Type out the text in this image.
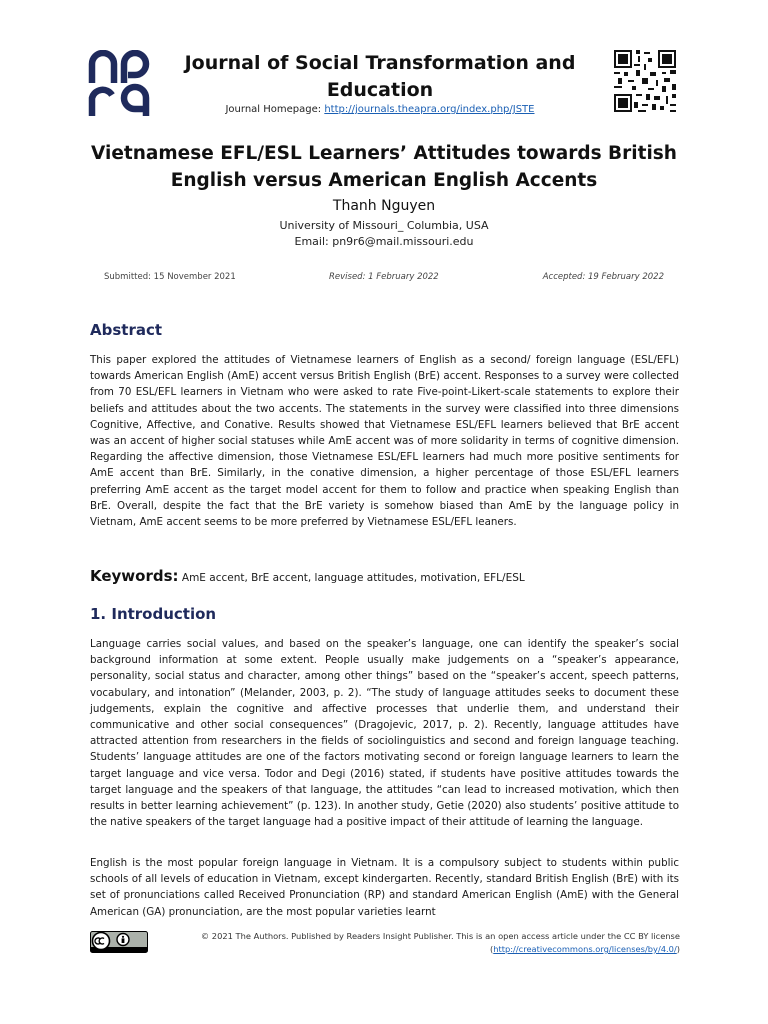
Journal of Social Transformation and Education
Journal Homepage: http://journals.theapra.org/index.php/JSTE
Vietnamese EFL/ESL Learners’ Attitudes towards British English versus American English Accents
Thanh Nguyen
University of Missouri_ Columbia, USA
Email: pn9r6@mail.missouri.edu
Submitted: 15 November 2021	Revised: 1 February 2022	Accepted: 19 February 2022
Abstract
This paper explored the attitudes of Vietnamese learners of English as a second/ foreign language (ESL/EFL) towards American English (AmE) accent versus British English (BrE) accent. Responses to a survey were collected from 70 ESL/EFL learners in Vietnam who were asked to rate Five-point-Likert-scale statements to explore their beliefs and attitudes about the two accents. The statements in the survey were classified into three dimensions Cognitive, Affective, and Conative. Results showed that Vietnamese ESL/EFL learners believed that BrE accent was an accent of higher social statuses while AmE accent was of more solidarity in terms of cognitive dimension. Regarding the affective dimension, those Vietnamese ESL/EFL learners had much more positive sentiments for AmE accent than BrE. Similarly, in the conative dimension, a higher percentage of those ESL/EFL learners preferring AmE accent as the target model accent for them to follow and practice when speaking English than BrE. Overall, despite the fact that the BrE variety is somehow biased than AmE by the language policy in Vietnam, AmE accent seems to be more preferred by Vietnamese ESL/EFL leaners.
Keywords: AmE accent, BrE accent, language attitudes, motivation, EFL/ESL
1. Introduction
Language carries social values, and based on the speaker’s language, one can identify the speaker’s social background information at some extent. People usually make judgements on a “speaker’s appearance, personality, social status and character, among other things” based on the “speaker’s accent, speech patterns, vocabulary, and intonation” (Melander, 2003, p. 2). “The study of language attitudes seeks to document these judgements, explain the cognitive and affective processes that underlie them, and understand their communicative and other social consequences” (Dragojevic, 2017, p. 2). Recently, language attitudes have attracted attention from researchers in the fields of sociolinguistics and second and foreign language teaching. Students’ language attitudes are one of the factors motivating second or foreign language learners to learn the target language and vice versa. Todor and Degi (2016) stated, if students have positive attitudes towards the target language and the speakers of that language, the attitudes “can lead to increased motivation, which then results in better learning achievement” (p. 123). In another study, Getie (2020) also students’ positive attitude to the native speakers of the target language had a positive impact of their attitude of learning the language.
English is the most popular foreign language in Vietnam. It is a compulsory subject to students within public schools of all levels of education in Vietnam, except kindergarten. Recently, standard British English (BrE) with its set of pronunciations called Received Pronunciation (RP) and standard American English (AmE) with the General American (GA) pronunciation, are the most popular varieties learnt
© 2021 The Authors. Published by Readers Insight Publisher. This is an open access article under the CC BY license
(http://creativecommons.org/licenses/by/4.0/)
